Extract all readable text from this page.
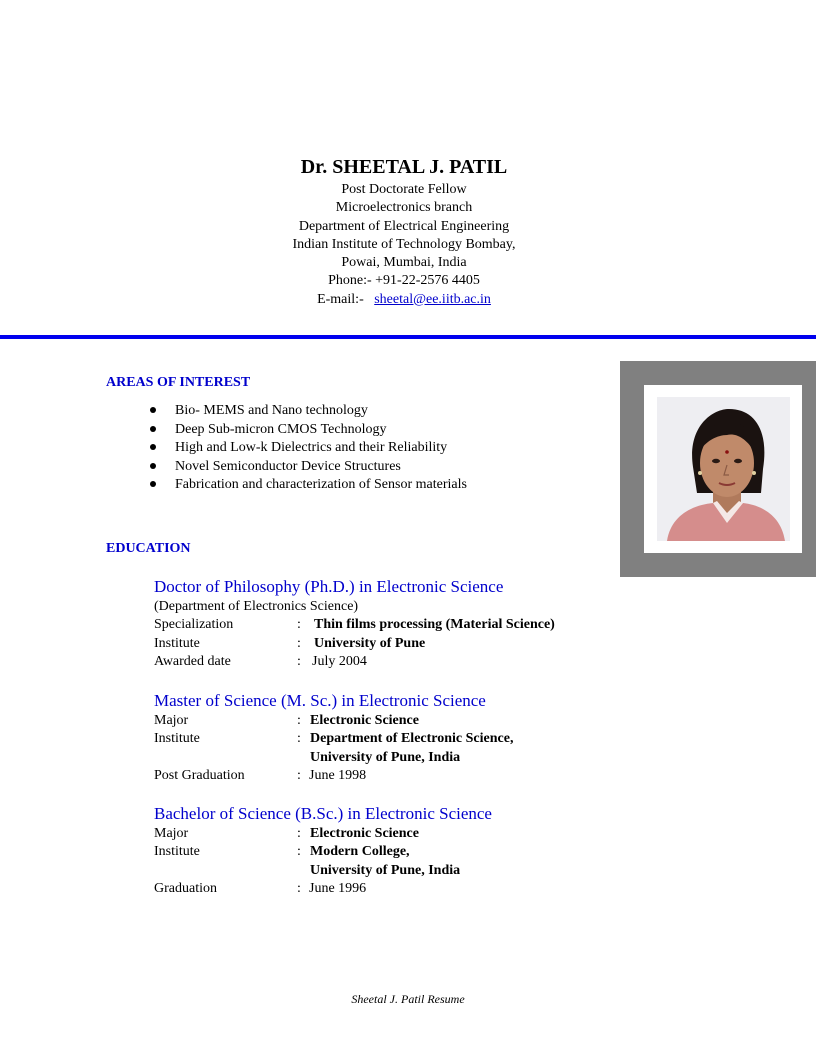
Dr. SHEETAL J. PATIL
Post Doctorate Fellow
Microelectronics branch
Department of Electrical Engineering
Indian Institute of Technology Bombay,
Powai, Mumbai, India
Phone:- +91-22-2576 4405
E-mail:- sheetal@ee.iitb.ac.in
AREAS OF INTEREST
Bio- MEMS and Nano technology
Deep Sub-micron CMOS Technology
High and Low-k Dielectrics and their Reliability
Novel Semiconductor Device Structures
Fabrication and characterization of Sensor materials
EDUCATION
Doctor of Philosophy (Ph.D.) in Electronic Science
(Department of Electronics Science)
Specialization	: Thin films processing (Material Science)
Institute	: University of Pune
Awarded date	: July 2004
Master of Science (M. Sc.) in Electronic Science
Major	: Electronic Science
Institute	: Department of Electronic Science,
University of Pune, India
Post Graduation	: June 1998
Bachelor of Science (B.Sc.) in Electronic Science
Major	: Electronic Science
Institute	: Modern College,
University of Pune, India
Graduation	: June 1996
Sheetal J. Patil Resume
